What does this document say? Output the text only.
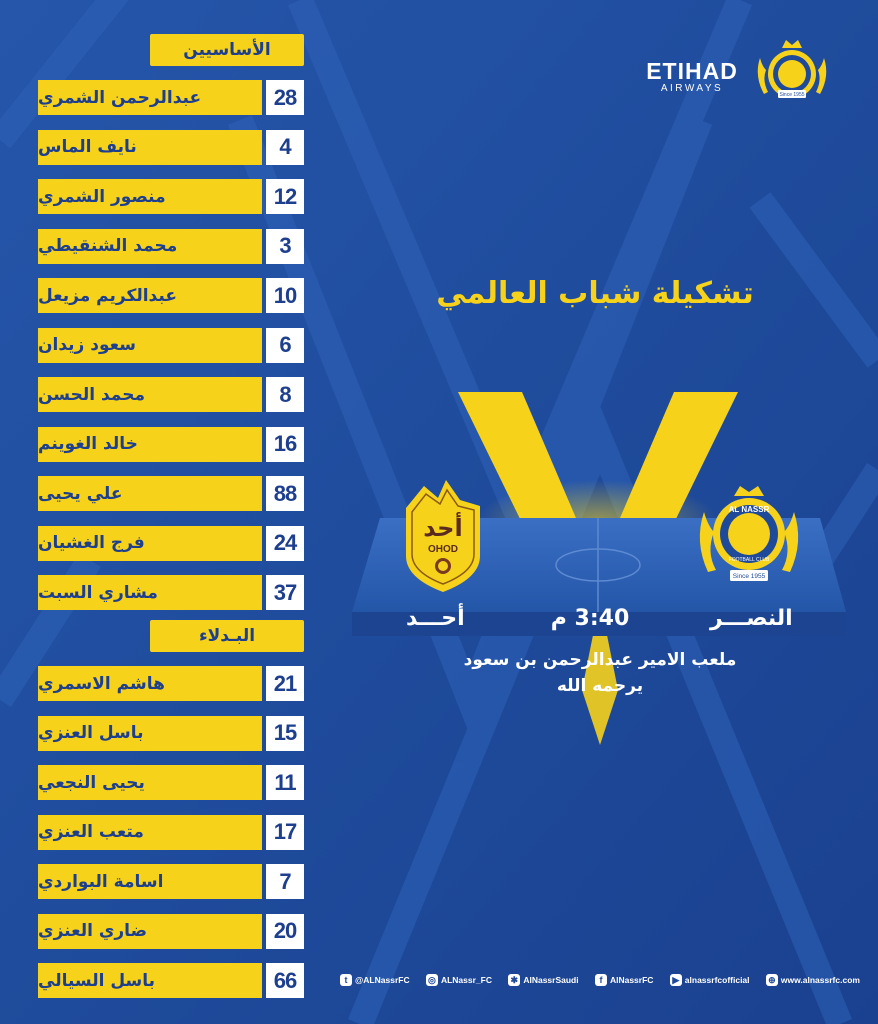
الأساسيين
28
عبدالرحمن الشمري
4
نايف الماس
12
منصور الشمري
3
محمد الشنقيطي
10
عبدالكريم مزيعل
6
سعود زيدان
8
محمد الحسن
16
خالد الغوينم
88
علي يحيى
24
فرج الغشيان
37
مشاري السبت
البـدلاء
21
هاشم الاسمري
15
باسل العنزي
11
يحيى النجعي
17
متعب العنزي
7
اسامة البواردي
20
ضاري العنزي
66
باسل السيالي
ETIHAD
AIRWAYS
Since 1955
تشكيلة شباب العالمي
AL NASSR
FOOTBALL CLUB
Since 1955
أحد
OHOD
النصـــر
3:40 م
أحـــد
ملعب الامير عبدالرحمن بن سعود
يرحمه الله
t @ALNassrFC ◎ ALNassr_FC ✱ AlNassrSaudi	f AlNassrFC ▶ alnassrfcofficial ⊕ www.alnassrfc.com
